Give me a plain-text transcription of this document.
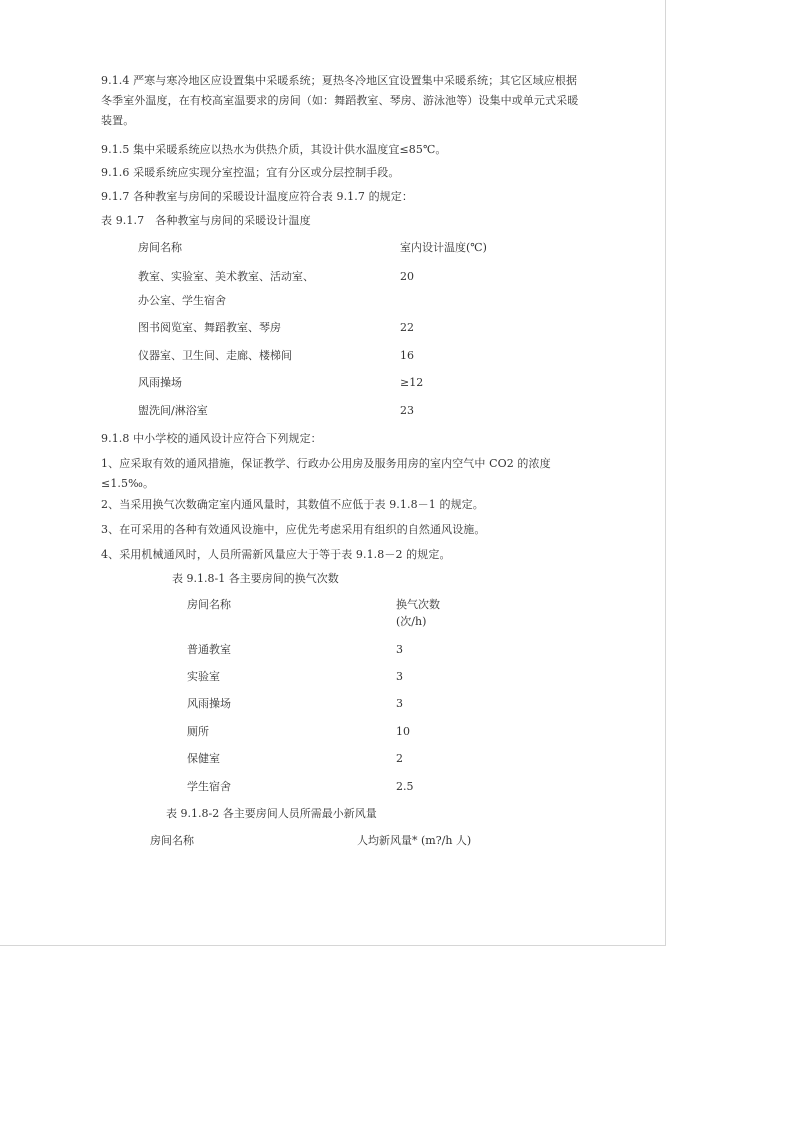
9.1.4 严寒与寒冷地区应设置集中采暖系统；夏热冬冷地区宜设置集中采暖系统；其它区域应根据冬季室外温度，在有校高室温要求的房间（如：舞蹈教室、琴房、游泳池等）设集中或单元式采暖装置。
9.1.5 集中采暖系统应以热水为供热介质，其设计供水温度宜≤85℃。
9.1.6 采暖系统应实现分室控温；宜有分区或分层控制手段。
9.1.7 各种教室与房间的采暖设计温度应符合表 9.1.7 的规定：
表 9.1.7　各种教室与房间的采暖设计温度
房间名称	室内设计温度(℃)
教室、实验室、美术教室、活动室、	20
办公室、学生宿舍
图书阅览室、舞蹈教室、琴房	22
仪器室、卫生间、走廊、楼梯间	16
风雨操场	≥12
盥洗间/淋浴室	23
9.1.8 中小学校的通风设计应符合下列规定：
1、应采取有效的通风措施，保证教学、行政办公用房及服务用房的室内空气中 CO2 的浓度≤1.5‰。
2、当采用换气次数确定室内通风量时，其数值不应低于表 9.1.8－1 的规定。
3、在可采用的各种有效通风设施中，应优先考虑采用有组织的自然通风设施。
4、采用机械通风时，人员所需新风量应大于等于表 9.1.8－2 的规定。
表 9.1.8-1 各主要房间的换气次数
房间名称	换气次数
(次/h)
普通教室	3
实验室	3
风雨操场	3
厕所	10
保健室	2
学生宿舍	2.5
表 9.1.8-2 各主要房间人员所需最小新风量
房间名称	人均新风量* (m?/h 人)
